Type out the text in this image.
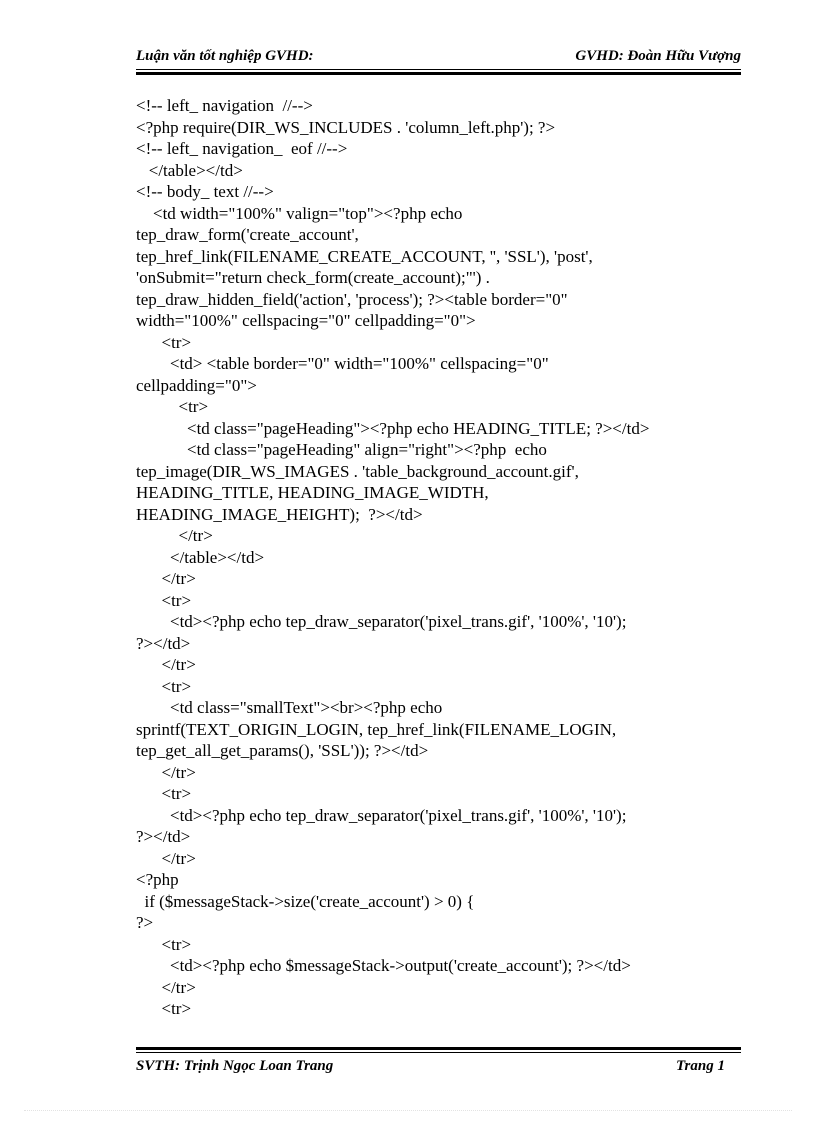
Luận văn tốt nghiệp GVHD:	GVHD: Đoàn Hữu Vượng
<!-- left_ navigation  //-->
<?php require(DIR_WS_INCLUDES . 'column_left.php'); ?>
<!-- left_ navigation_  eof //-->
</table></td>
<!-- body_ text //-->
<td width="100%" valign="top"><?php echo
tep_draw_form('create_account',
tep_href_link(FILENAME_CREATE_ACCOUNT, '', 'SSL'), 'post',
'onSubmit="return check_form(create_account);"') .
tep_draw_hidden_field('action', 'process'); ?><table border="0"
width="100%" cellspacing="0" cellpadding="0">
<tr>
<td> <table border="0" width="100%" cellspacing="0"
cellpadding="0">
<tr>
<td class="pageHeading"><?php echo HEADING_TITLE; ?></td>
<td class="pageHeading" align="right"><?php  echo
tep_image(DIR_WS_IMAGES . 'table_background_account.gif',
HEADING_TITLE, HEADING_IMAGE_WIDTH,
HEADING_IMAGE_HEIGHT);  ?></td>
</tr>
</table></td>
</tr>
<tr>
<td><?php echo tep_draw_separator('pixel_trans.gif', '100%', '10');
?></td>
</tr>
<tr>
<td class="smallText"><br><?php echo
sprintf(TEXT_ORIGIN_LOGIN, tep_href_link(FILENAME_LOGIN,
tep_get_all_get_params(), 'SSL')); ?></td>
</tr>
<tr>
<td><?php echo tep_draw_separator('pixel_trans.gif', '100%', '10');
?></td>
</tr>
<?php
if ($messageStack->size('create_account') > 0) {
?>
<tr>
<td><?php echo $messageStack->output('create_account'); ?></td>
</tr>
<tr>
SVTH: Trịnh Ngọc Loan Trang	Trang 1
